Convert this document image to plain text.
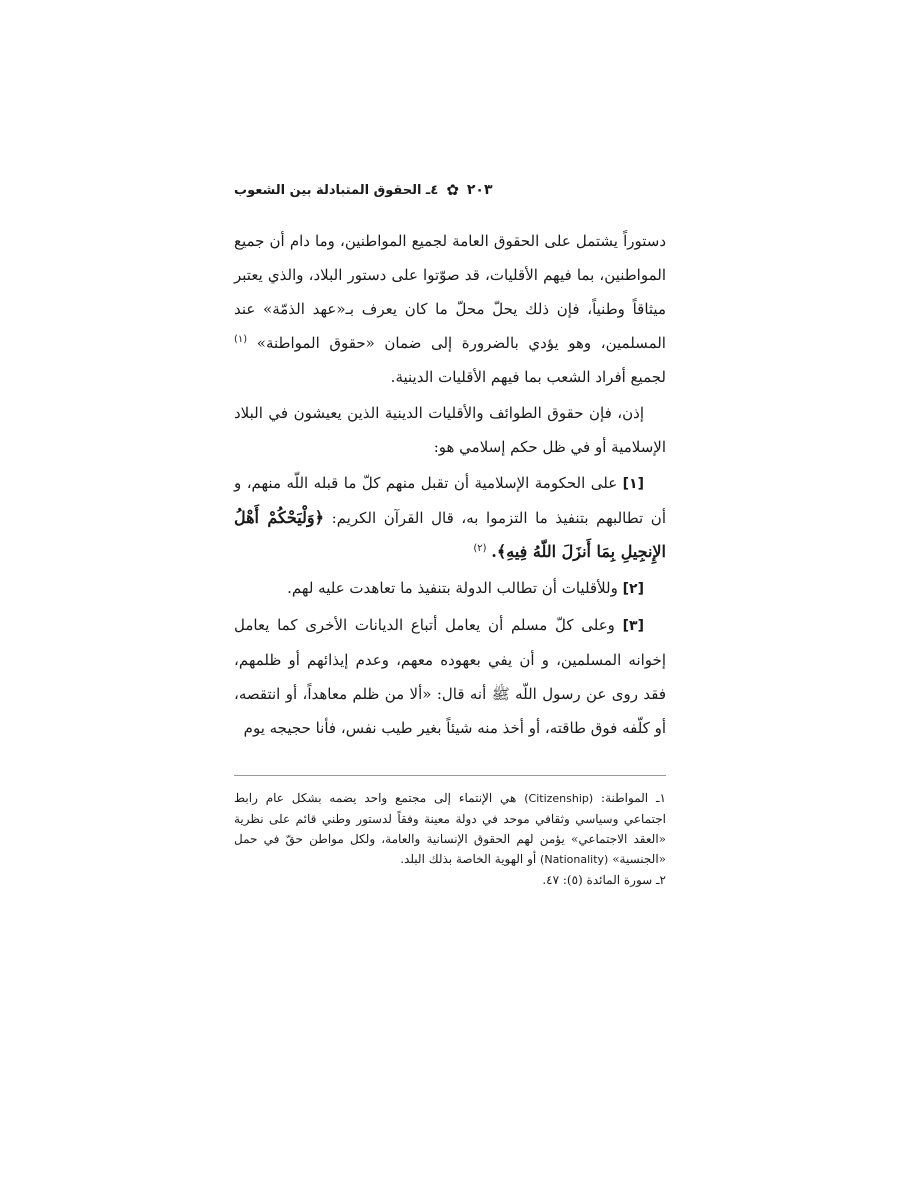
٢٠٣
✿
٤ـ الحقوق المتبادلة بين الشعوب

دستوراً يشتمل على الحقوق العامة لجميع المواطنين، وما دام أن جميع المواطنين، بما فيهم الأقليات، قد صوّتوا على دستور البلاد، والذي يعتبر ميثاقاً وطنياً، فإن ذلك يحلّ محلّ ما كان يعرف بـ«عهد الذمّة» عند المسلمين، وهو يؤدي بالضرورة إلى ضمان «حقوق المواطنة» $^{(١)}$ لجميع أفراد الشعب بما فيهم الأقليات الدينية.

إذن، فإن حقوق الطوائف والأقليات الدينية الذين يعيشون في البلاد الإسلامية أو في ظل حكم إسلامي هو:

[١] على الحكومة الإسلامية أن تقبل منهم كلّ ما قبله اللّه منهم، و أن تطالبهم بتنفيذ ما التزموا به، قال القرآن الكريم: ﴿وَلْيَحْكُمْ أَهْلُ الإِنجِيلِ بِمَا أَنزَلَ اللّهُ فِيهِ﴾. $^{(٢)}$

[٢] وللأقليات أن تطالب الدولة بتنفيذ ما تعاهدت عليه لهم.

[٣] وعلى كلّ مسلم أن يعامل أتباع الديانات الأخرى كما يعامل إخوانه المسلمين، و أن يفي بعهوده معهم، وعدم إيذائهم أو ظلمهم، فقد روى عن رسول اللّه ﷺ أنه قال: «ألا من ظلم معاهداً، أو انتقصه، أو كلّفه فوق طاقته، أو أخذ منه شيئاً بغير طيب نفس، فأنا حجيجه يوم

١ـ المواطنة: (Citizenship) هي الإنتماء إلى مجتمع واحد يضمه بشكل عام رابط اجتماعي وسياسي وثقافي موحد في دولة معينة وفقاً لدستور وطني قائم على نظرية «العقد الاجتماعي» يؤمن لهم الحقوق الإنسانية والعامة، ولكل مواطن حقّ في حمل «الجنسية» (Nationality) أو الهوية الخاصة بذلك البلد.

٢ـ سورة المائدة (٥): ٤٧.
